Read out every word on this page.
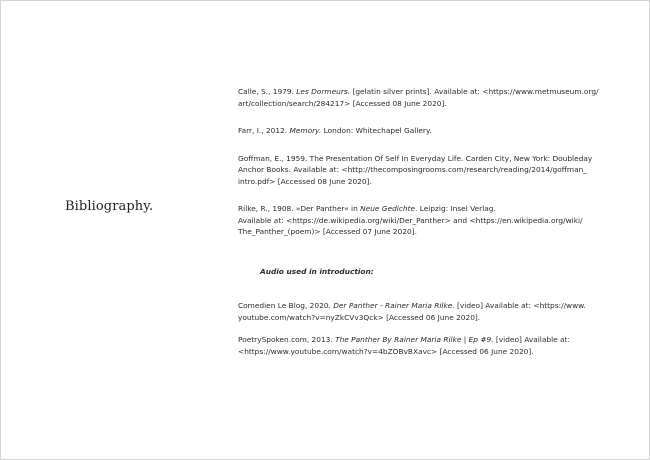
Bibliography.

Calle, S., 1979. Les Dormeurs. [gelatin silver prints]. Available at: <https://www.metmuseum.org/
art/collection/search/284217> [Accessed 08 June 2020].

Farr, I., 2012. Memory. London: Whitechapel Gallery.

Goffman, E., 1959. The Presentation Of Self In Everyday Life. Carden City, New York: Doubleday
Anchor Books. Available at: <http://thecomposingrooms.com/research/reading/2014/goffman_
intro.pdf> [Accessed 08 June 2020].

Rilke, R., 1908. »Der Panther« in Neue Gedichte. Leipzig: Insel Verlag.
Available at: <https://de.wikipedia.org/wiki/Der_Panther> and <https://en.wikipedia.org/wiki/
The_Panther_(poem)> [Accessed 07 June 2020].

Audio used in introduction:

Comedien Le Blog, 2020. Der Panther - Rainer Maria Rilke. [video] Available at: <https://www.
youtube.com/watch?v=nyZkCVv3Qck> [Accessed 06 June 2020].

PoetrySpoken.com, 2013. The Panther By Rainer Maria Rilke | Ep #9. [video] Available at:
<https://www.youtube.com/watch?v=4bZOBvBXavc> [Accessed 06 June 2020].
